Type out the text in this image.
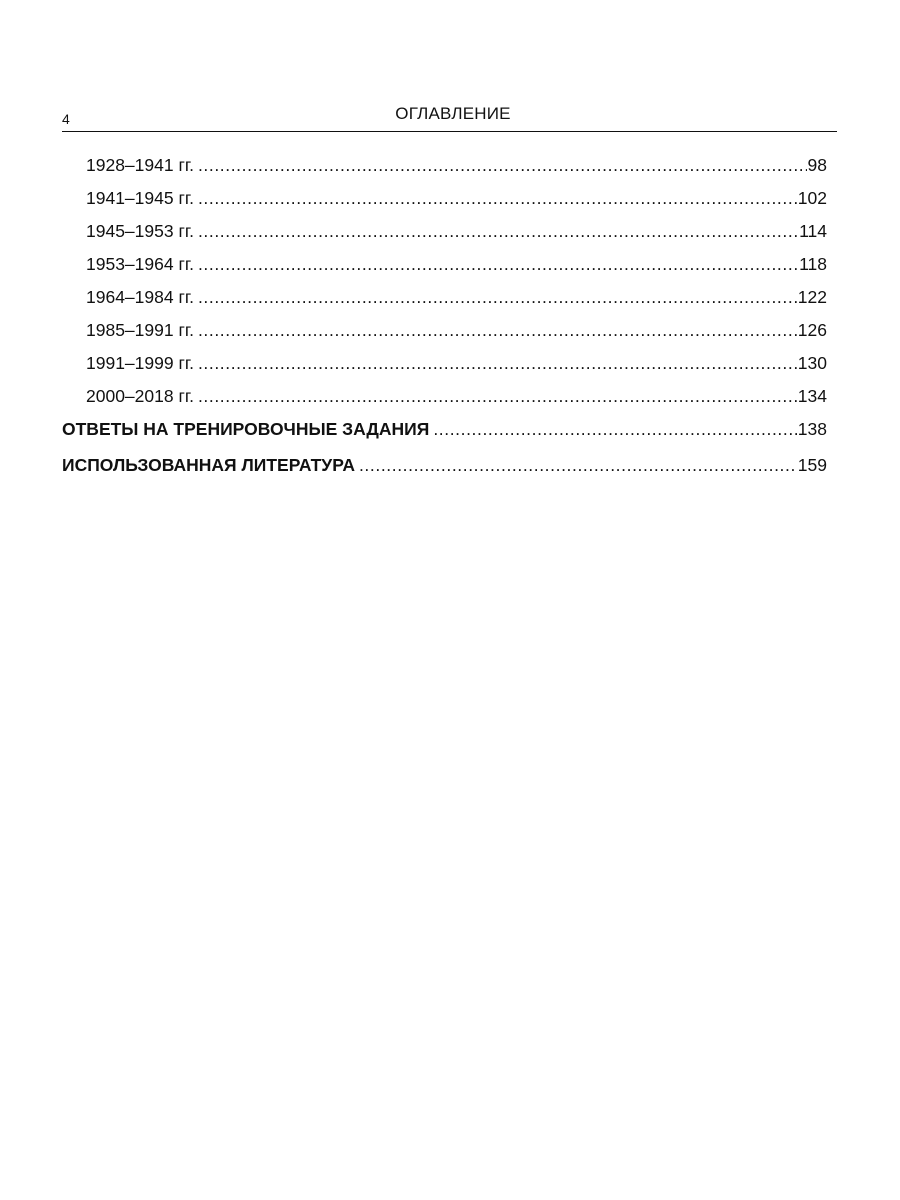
4	ОГЛАВЛЕНИЕ
1928–1941 гг. .....	98
1941–1945 гг. .....	102
1945–1953 гг. .....	114
1953–1964 гг. .....	118
1964–1984 гг. .....	122
1985–1991 гг. .....	126
1991–1999 гг. .....	130
2000–2018 гг. .....	134
ОТВЕТЫ НА ТРЕНИРОВОЧНЫЕ ЗАДАНИЯ .....	138
ИСПОЛЬЗОВАННАЯ ЛИТЕРАТУРА .....	159
